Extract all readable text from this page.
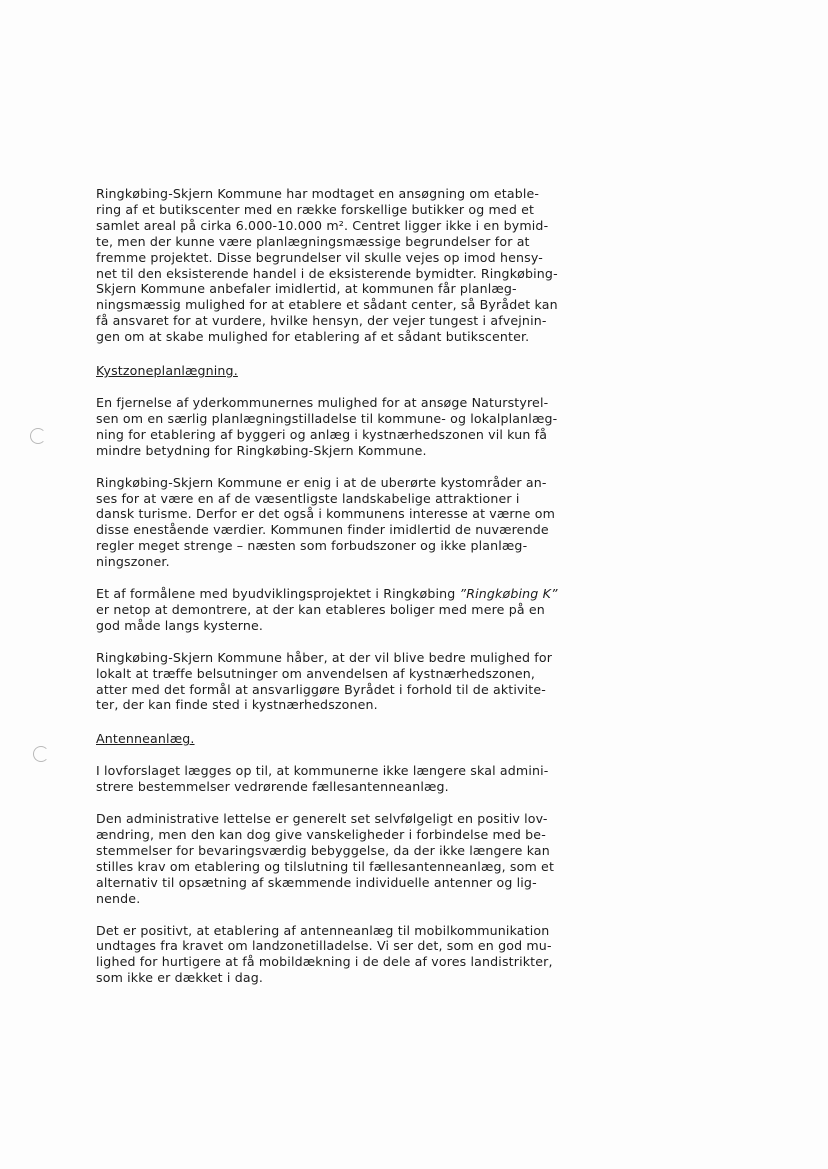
Ringkøbing-Skjern Kommune har modtaget en ansøgning om etable-
ring af et butikscenter med en række forskellige butikker og med et
samlet areal på cirka 6.000-10.000 m². Centret ligger ikke i en bymid-
te, men der kunne være planlægningsmæssige begrundelser for at
fremme projektet. Disse begrundelser vil skulle vejes op imod hensy-
net til den eksisterende handel i de eksisterende bymidter. Ringkøbing-
Skjern Kommune anbefaler imidlertid, at kommunen får planlæg-
ningsmæssig mulighed for at etablere et sådant center, så Byrådet kan
få ansvaret for at vurdere, hvilke hensyn, der vejer tungest i afvejnin-
gen om at skabe mulighed for etablering af et sådant butikscenter.

Kystzoneplanlægning.

En fjernelse af yderkommunernes mulighed for at ansøge Naturstyrel-
sen om en særlig planlægningstilladelse til kommune- og lokalplanlæg-
ning for etablering af byggeri og anlæg i kystnærhedszonen vil kun få
mindre betydning for Ringkøbing-Skjern Kommune.

Ringkøbing-Skjern Kommune er enig i at de uberørte kystområder an-
ses for at være en af de væsentligste landskabelige attraktioner i
dansk turisme. Derfor er det også i kommunens interesse at værne om
disse enestående værdier. Kommunen finder imidlertid de nuværende
regler meget strenge – næsten som forbudszoner og ikke planlæg-
ningszoner.

Et af formålene med byudviklingsprojektet i Ringkøbing ”Ringkøbing K”
er netop at demontrere, at der kan etableres boliger med mere på en
god måde langs kysterne.

Ringkøbing-Skjern Kommune håber, at der vil blive bedre mulighed for
lokalt at træffe belsutninger om anvendelsen af kystnærhedszonen,
atter med det formål at ansvarliggøre Byrådet i forhold til de aktivite-
ter, der kan finde sted i kystnærhedszonen.

Antenneanlæg.

I lovforslaget lægges op til, at kommunerne ikke længere skal admini-
strere bestemmelser vedrørende fællesantenneanlæg.

Den administrative lettelse er generelt set selvfølgeligt en positiv lov-
ændring, men den kan dog give vanskeligheder i forbindelse med be-
stemmelser for bevaringsværdig bebyggelse, da der ikke længere kan
stilles krav om etablering og tilslutning til fællesantenneanlæg, som et
alternativ til opsætning af skæmmende individuelle antenner og lig-
nende.

Det er positivt, at etablering af antenneanlæg til mobilkommunikation
undtages fra kravet om landzonetilladelse. Vi ser det, som en god mu-
lighed for hurtigere at få mobildækning i de dele af vores landistrikter,
som ikke er dækket i dag.
